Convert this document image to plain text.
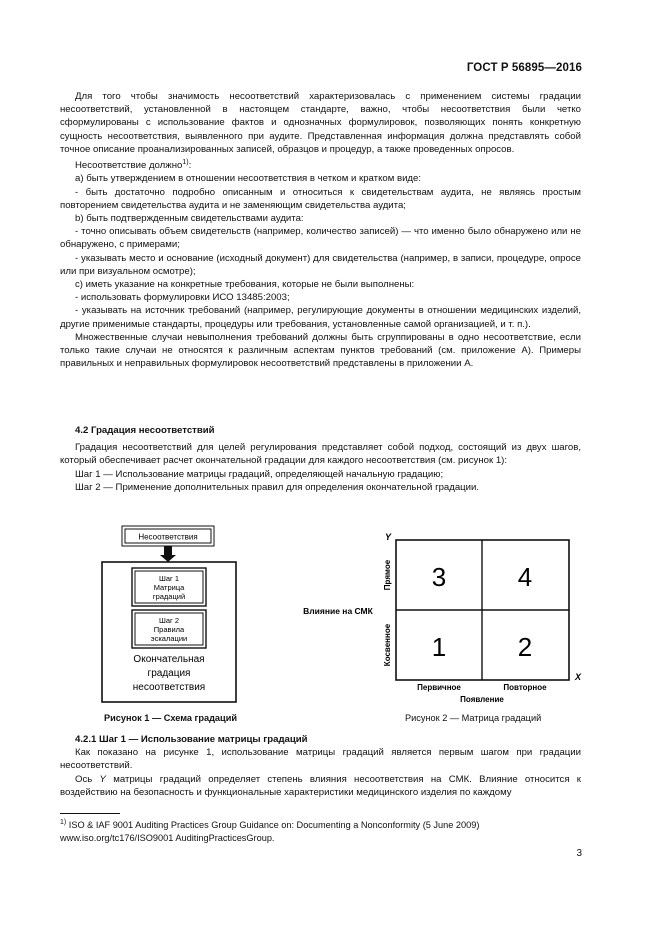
ГОСТ Р 56895—2016

Для того чтобы значимость несоответствий характеризовалась с применением системы градации несоответствий, установленной в настоящем стандарте, важно, чтобы несоответствия были четко сформулированы с использование фактов и однозначных формулировок, позволяющих понять конкретную сущность несоответствия, выявленного при аудите. Представленная информация должна представлять собой точное описание проанализированных записей, образцов и процедур, а также проведенных опросов.

Несоответствие должно$^{1)}$:

а) быть утверждением в отношении несоответствия в четком и кратком виде:

- быть достаточно подробно описанным и относиться к свидетельствам аудита, не являясь простым повторением свидетельства аудита и не заменяющим свидетельства аудита;

b) быть подтвержденным свидетельствами аудита:

- точно описывать объем свидетельств (например, количество записей) — что именно было обнаружено или не обнаружено, с примерами;

- указывать место и основание (исходный документ) для свидетельства (например, в записи, процедуре, опросе или при визуальном осмотре);

с) иметь указание на конкретные требования, которые не были выполнены:

- использовать формулировки ИСО 13485:2003;

- указывать на источник требований (например, регулирующие документы в отношении медицинских изделий, другие применимые стандарты, процедуры или требования, установленные самой организацией, и т. п.).

Множественные случаи невыполнения требований должны быть сгруппированы в одно несоответствие, если только такие случаи не относятся к различным аспектам пунктов требований (см. приложение А). Примеры правильных и неправильных формулировок несоответствий представлены в приложении А.

4.2 Градация несоответствий

Градация несоответствий для целей регулирования представляет собой подход, состоящий из двух шагов, который обеспечивает расчет окончательной градации для каждого несоответствия (см. рисунок 1):

Шаг 1 — Использование матрицы градаций, определяющей начальную градацию;

Шаг 2 — Применение дополнительных правил для определения окончательной градации.

Несоответствия
Шаг 1
Матрица
градаций
Шаг 2
Правила
эскалации
Окончательная
градация
несоответствия
Рисунок 1 — Схема градаций
Y
Влияние на СМК
Прямое
Косвенное
3	4
1	2
X
Первичное	Повторное
Появление
Рисунок 2 — Матрица градаций

4.2.1 Шаг 1 — Использование матрицы градаций

Как показано на рисунке 1, использование матрицы градаций является первым шагом при градации несоответствий.

Ось Y матрицы градаций определяет степень влияния несоответствия на СМК. Влияние относится к воздействию на безопасность и функциональные характеристики медицинского изделия по каждому

$^{1)}$ ISO & IAF 9001 Auditing Practices Group Guidance on: Documenting a Nonconformity (5 June 2009) www.iso.org/tc176/ISO9001 AuditingPracticesGroup.
3
